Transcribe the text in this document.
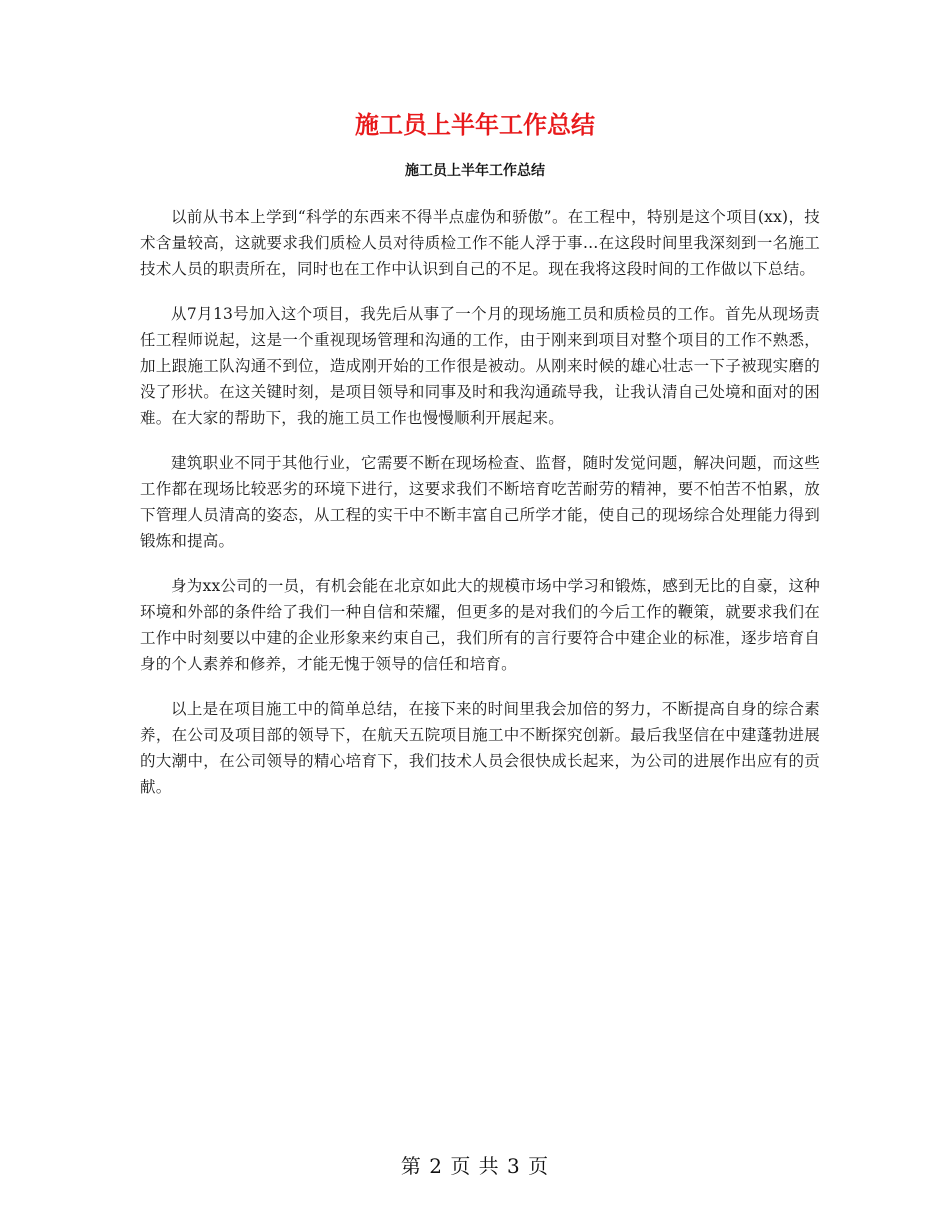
施工员上半年工作总结
施工员上半年工作总结

以前从书本上学到“科学的东西来不得半点虚伪和骄傲”。在工程中，特别是这个项目(xx)，技术含量较高，这就要求我们质检人员对待质检工作不能人浮于事…在这段时间里我深刻到一名施工技术人员的职责所在，同时也在工作中认识到自己的不足。现在我将这段时间的工作做以下总结。

从7月13号加入这个项目，我先后从事了一个月的现场施工员和质检员的工作。首先从现场责任工程师说起，这是一个重视现场管理和沟通的工作，由于刚来到项目对整个项目的工作不熟悉，加上跟施工队沟通不到位，造成刚开始的工作很是被动。从刚来时候的雄心壮志一下子被现实磨的没了形状。在这关键时刻，是项目领导和同事及时和我沟通疏导我，让我认清自己处境和面对的困难。在大家的帮助下，我的施工员工作也慢慢顺利开展起来。

建筑职业不同于其他行业，它需要不断在现场检查、监督，随时发觉问题，解决问题，而这些工作都在现场比较恶劣的环境下进行，这要求我们不断培育吃苦耐劳的精神，要不怕苦不怕累，放下管理人员清高的姿态，从工程的实干中不断丰富自己所学才能，使自己的现场综合处理能力得到锻炼和提高。

身为xx公司的一员，有机会能在北京如此大的规模市场中学习和锻炼，感到无比的自豪，这种环境和外部的条件给了我们一种自信和荣耀，但更多的是对我们的今后工作的鞭策，就要求我们在工作中时刻要以中建的企业形象来约束自己，我们所有的言行要符合中建企业的标准，逐步培育自身的个人素养和修养，才能无愧于领导的信任和培育。

以上是在项目施工中的简单总结，在接下来的时间里我会加倍的努力，不断提高自身的综合素养，在公司及项目部的领导下，在航天五院项目施工中不断探究创新。最后我坚信在中建蓬勃进展的大潮中，在公司领导的精心培育下，我们技术人员会很快成长起来，为公司的进展作出应有的贡献。

第 2 页 共 3 页
